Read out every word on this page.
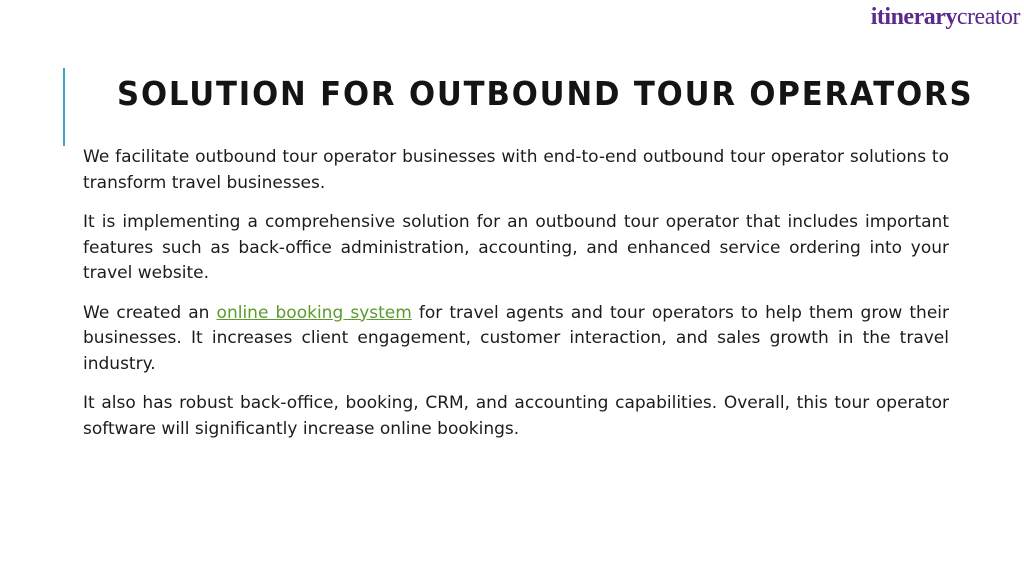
itinerarycreator
SOLUTION FOR OUTBOUND TOUR OPERATORS

We facilitate outbound tour operator businesses with end-to-end outbound tour operator solutions to transform travel businesses.

It is implementing a comprehensive solution for an outbound tour operator that includes important features such as back-office administration, accounting, and enhanced service ordering into your travel website.

We created an online booking system for travel agents and tour operators to help them grow their businesses. It increases client engagement, customer interaction, and sales growth in the travel industry.

It also has robust back-office, booking, CRM, and accounting capabilities. Overall, this tour operator software will significantly increase online bookings.
